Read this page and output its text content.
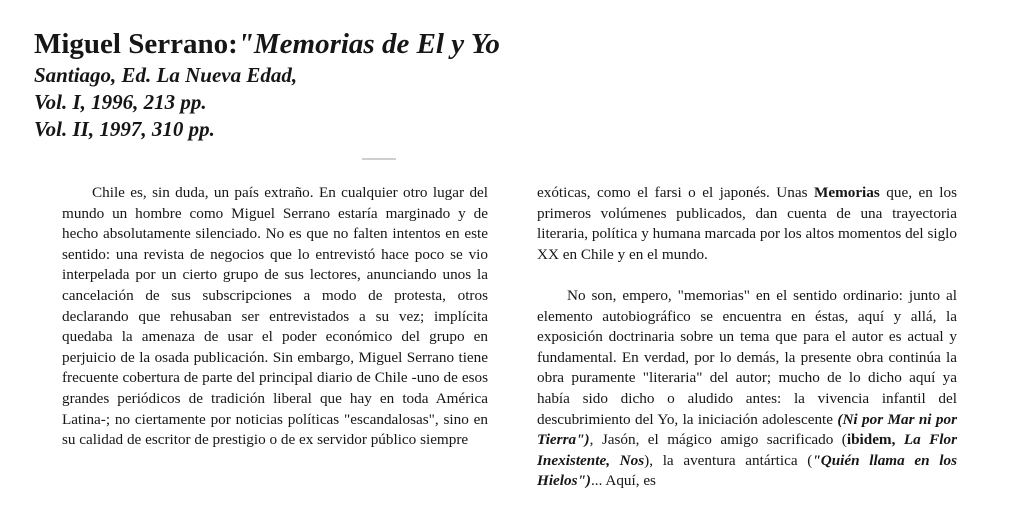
Miguel Serrano:"Memorias de El y Yo

Santiago, Ed. La Nueva Edad,

Vol. I, 1996, 213 pp.

Vol. II, 1997, 310 pp.

Chile es, sin duda, un país extraño. En cualquier otro lugar del mundo un hombre como Miguel Serrano estaría marginado y de hecho absolutamente silenciado. No es que no falten intentos en este sentido: una revista de negocios que lo entrevistó hace poco se vio interpelada por un cierto grupo de sus lectores, anunciando unos la cancelación de sus subscripciones a modo de protesta, otros declarando que rehusaban ser entrevistados a su vez; implícita quedaba la amenaza de usar el poder económico del grupo en perjuicio de la osada publicación. Sin embargo, Miguel Serrano tiene frecuente cobertura de parte del principal diario de Chile -uno de esos grandes periódicos de tradición liberal que hay en toda América Latina-; no ciertamente por noticias políticas "escandalosas", sino en su calidad de escritor de prestigio o de ex servidor público siempre

exóticas, como el farsi o el japonés. Unas Memorias que, en los primeros volúmenes publicados, dan cuenta de una trayectoria literaria, política y humana marcada por los altos momentos del siglo XX en Chile y en el mundo.

No son, empero, "memorias" en el sentido ordinario: junto al elemento autobiográfico se encuentra en éstas, aquí y allá, la exposición doctrinaria sobre un tema que para el autor es actual y fundamental. En verdad, por lo demás, la presente obra continúa la obra puramente "literaria" del autor; mucho de lo dicho aquí ya había sido dicho o aludido antes: la vivencia infantil del descubrimiento del Yo, la iniciación adolescente (Ni por Mar ni por Tierra"), Jasón, el mágico amigo sacrificado (ibidem, La Flor Inexistente, Nos), la aventura antártica ("Quién llama en los Hielos")... Aquí, es
